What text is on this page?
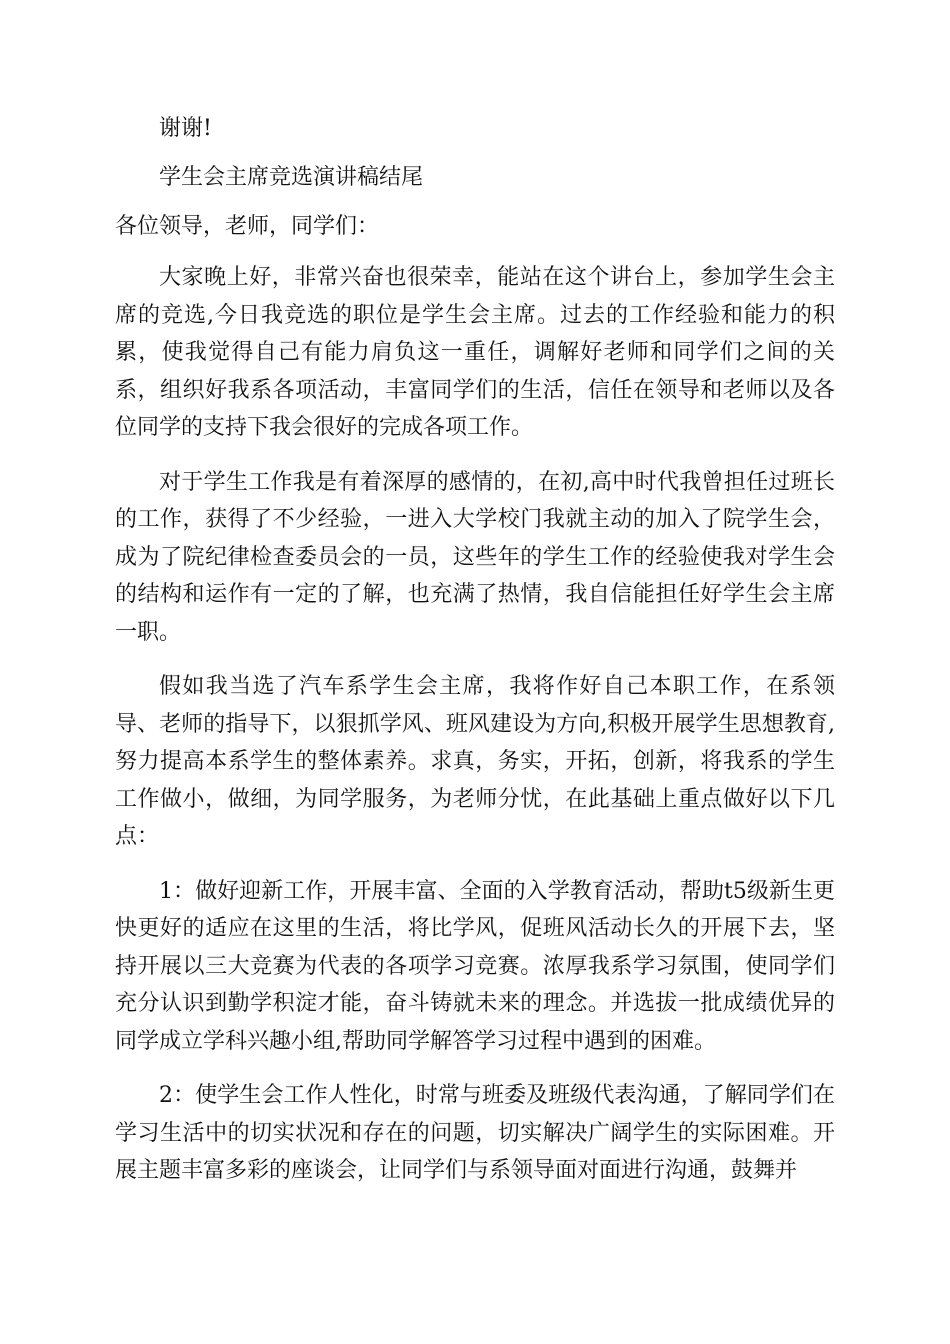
谢谢!

学生会主席竞选演讲稿结尾

各位领导，老师，同学们：

大家晚上好，非常兴奋也很荣幸，能站在这个讲台上，参加学生会主席的竞选,今日我竞选的职位是学生会主席。过去的工作经验和能力的积累，使我觉得自己有能力肩负这一重任，调解好老师和同学们之间的关系，组织好我系各项活动，丰富同学们的生活，信任在领导和老师以及各位同学的支持下我会很好的完成各项工作。

对于学生工作我是有着深厚的感情的，在初,高中时代我曾担任过班长的工作，获得了不少经验，一进入大学校门我就主动的加入了院学生会，成为了院纪律检查委员会的一员，这些年的学生工作的经验使我对学生会的结构和运作有一定的了解，也充满了热情，我自信能担任好学生会主席一职。

假如我当选了汽车系学生会主席，我将作好自己本职工作，在系领导、老师的指导下，以狠抓学风、班风建设为方向,积极开展学生思想教育,努力提高本系学生的整体素养。求真，务实，开拓，创新，将我系的学生工作做小，做细，为同学服务，为老师分忧，在此基础上重点做好以下几点：

1：做好迎新工作，开展丰富、全面的入学教育活动，帮助t5级新生更快更好的适应在这里的生活，将比学风，促班风活动长久的开展下去，坚持开展以三大竞赛为代表的各项学习竞赛。浓厚我系学习氛围，使同学们充分认识到勤学积淀才能，奋斗铸就未来的理念。并选拔一批成绩优异的同学成立学科兴趣小组,帮助同学解答学习过程中遇到的困难。

2：使学生会工作人性化，时常与班委及班级代表沟通，了解同学们在学习生活中的切实状况和存在的问题，切实解决广阔学生的实际困难。开展主题丰富多彩的座谈会，让同学们与系领导面对面进行沟通，鼓舞并
